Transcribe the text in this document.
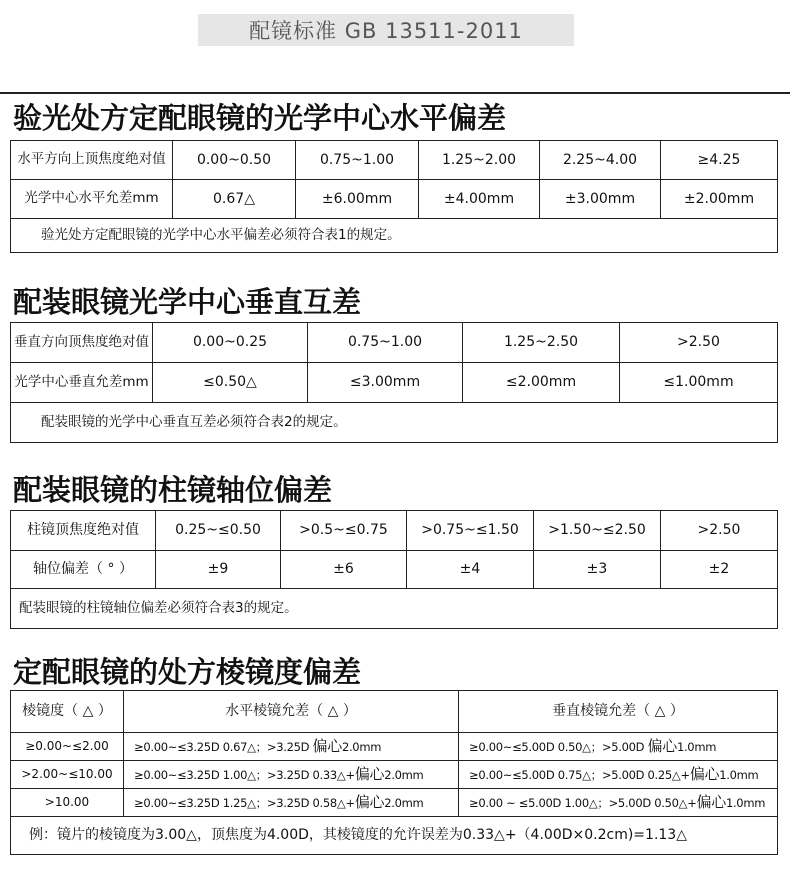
配镜标准 GB 13511-2011
验光处方定配眼镜的光学中心水平偏差
水平方向上顶焦度绝对值	0.00~0.50	0.75~1.00	1.25~2.00	2.25~4.00	≥4.25
光学中心水平允差mm	0.67△	±6.00mm	±4.00mm	±3.00mm	±2.00mm
验光处方定配眼镜的光学中心水平偏差必须符合表1的规定。					
配装眼镜光学中心垂直互差
垂直方向顶焦度绝对值	0.00~0.25	0.75~1.00	1.25~2.50	>2.50
光学中心垂直允差mm	≤0.50△	≤3.00mm	≤2.00mm	≤1.00mm
配装眼镜的光学中心垂直互差必须符合表2的规定。				
配装眼镜的柱镜轴位偏差
柱镜顶焦度绝对值	0.25~≤0.50	>0.5~≤0.75	>0.75~≤1.50	>1.50~≤2.50	>2.50
轴位偏差（ ° ）	±9	±6	±4	±3	±2
配装眼镜的柱镜轴位偏差必须符合表3的规定。					
定配眼镜的处方棱镜度偏差
棱镜度（ △ ）	水平棱镜允差（ △ ）	垂直棱镜允差（ △ ）
≥0.00~≤2.00	≥0.00~≤3.25D 0.67△；>3.25D 偏心2.0mm	≥0.00~≤5.00D 0.50△；>5.00D 偏心1.0mm
>2.00~≤10.00	≥0.00~≤3.25D 1.00△；>3.25D 0.33△+偏心2.0mm	≥0.00~≤5.00D 0.75△；>5.00D 0.25△+偏心1.0mm
>10.00	≥0.00~≤3.25D 1.25△；>3.25D 0.58△+偏心2.0mm	≥0.00 ~ ≤5.00D 1.00△；>5.00D 0.50△+偏心1.0mm
例：镜片的棱镜度为3.00△，顶焦度为4.00D，其棱镜度的允许误差为0.33△+（4.00D×0.2cm)=1.13△		
